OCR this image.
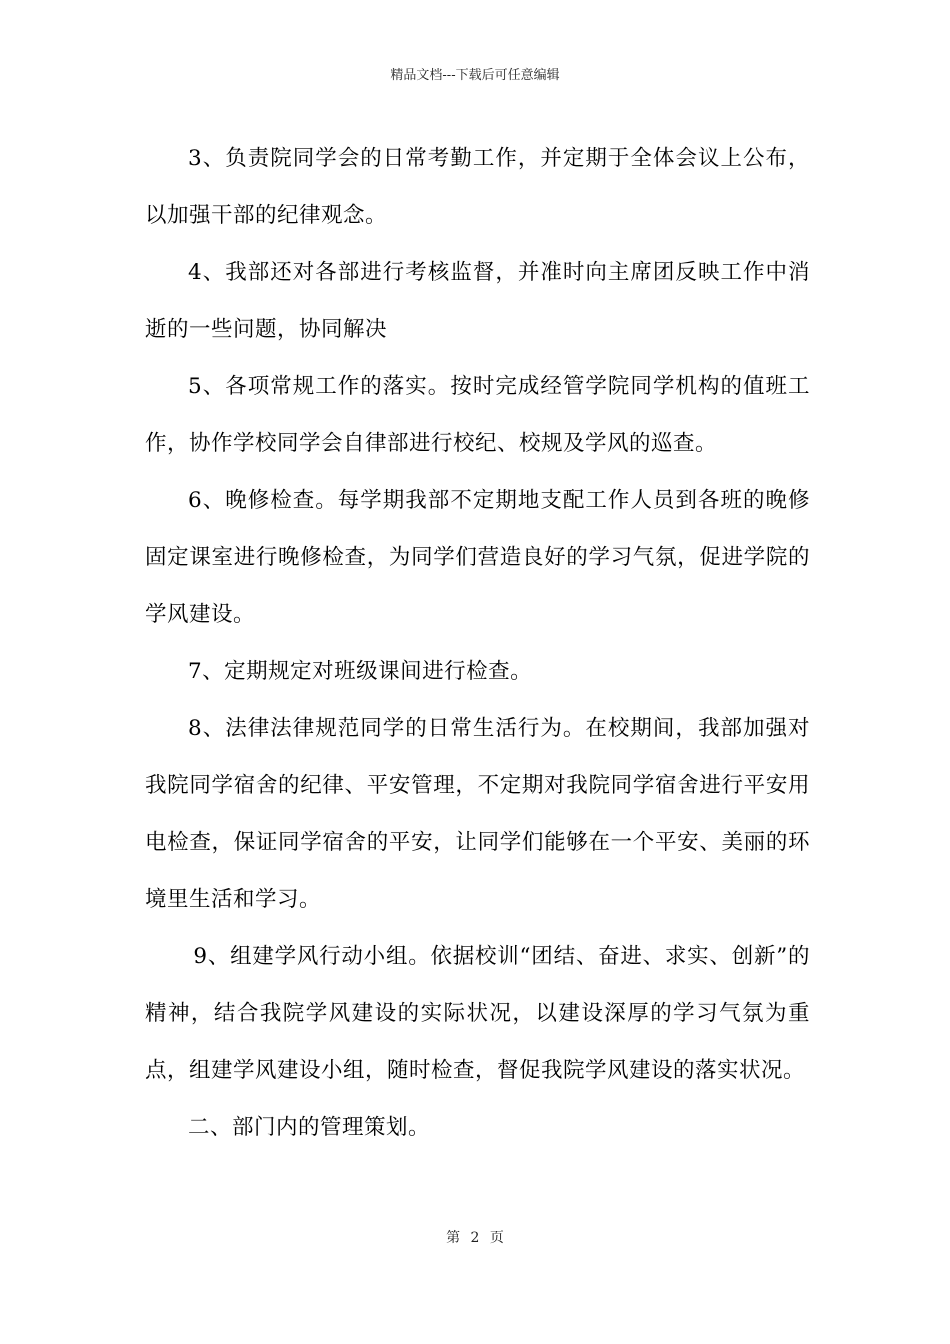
精品文档---下载后可任意编辑

3、负责院同学会的日常考勤工作，并定期于全体会议上公布，以加强干部的纪律观念。

4、我部还对各部进行考核监督，并准时向主席团反映工作中消逝的一些问题，协同解决

5、各项常规工作的落实。按时完成经管学院同学机构的值班工作，协作学校同学会自律部进行校纪、校规及学风的巡查。

6、晚修检查。每学期我部不定期地支配工作人员到各班的晚修固定课室进行晚修检查，为同学们营造良好的学习气氛，促进学院的学风建设。

7、定期规定对班级课间进行检查。

8、法律法律规范同学的日常生活行为。在校期间，我部加强对我院同学宿舍的纪律、平安管理，不定期对我院同学宿舍进行平安用电检查，保证同学宿舍的平安，让同学们能够在一个平安、美丽的环境里生活和学习。

9、组建学风行动小组。依据校训“团结、奋进、求实、创新”的精神，结合我院学风建设的实际状况，以建设深厚的学习气氛为重点，组建学风建设小组，随时检查，督促我院学风建设的落实状况。

二、部门内的管理策划。

第 2 页
